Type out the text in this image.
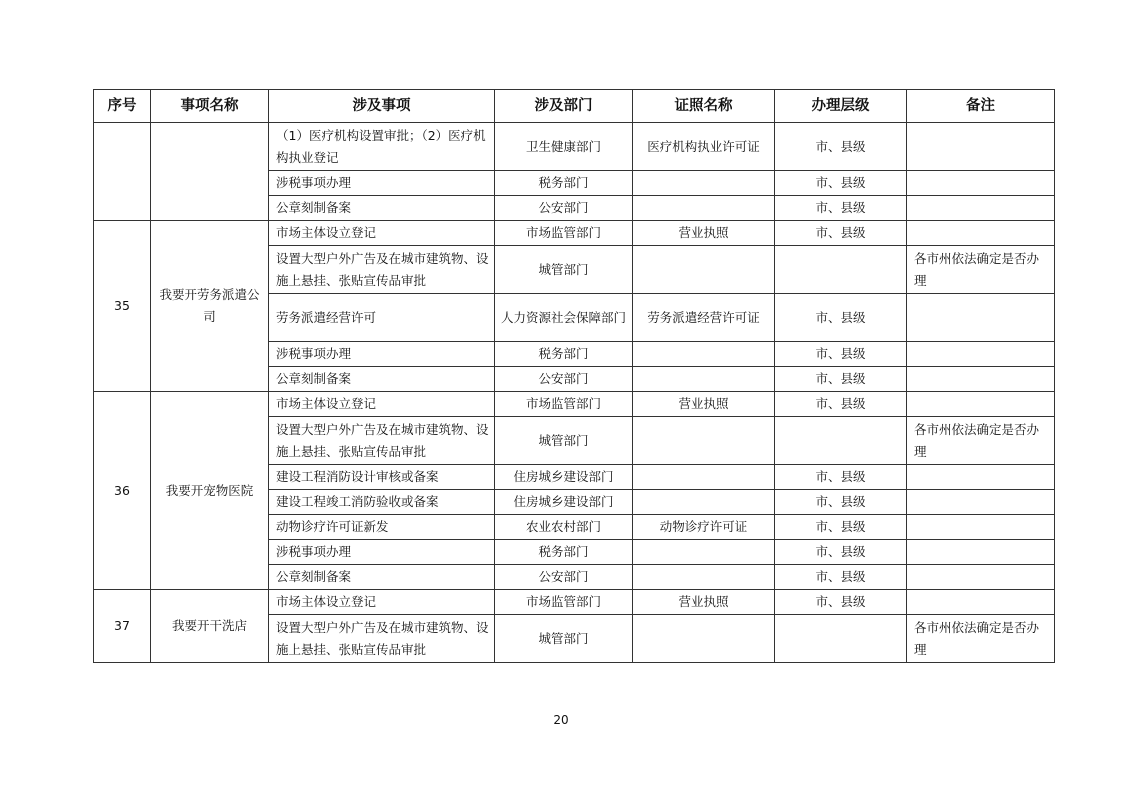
序号	事项名称	涉及事项	涉及部门	证照名称	办理层级	备注
		（1）医疗机构设置审批；（2）医疗机构执业登记	卫生健康部门	医疗机构执业许可证	市、县级	
		涉税事项办理	税务部门		市、县级	
		公章刻制备案	公安部门		市、县级	
35	我要开劳务派遣公司	市场主体设立登记	市场监管部门	营业执照	市、县级	
		设置大型户外广告及在城市建筑物、设施上悬挂、张贴宣传品审批	城管部门			各市州依法确定是否办理
		劳务派遣经营许可	人力资源社会保障部门	劳务派遣经营许可证	市、县级	
		涉税事项办理	税务部门		市、县级	
		公章刻制备案	公安部门		市、县级	
36	我要开宠物医院	市场主体设立登记	市场监管部门	营业执照	市、县级	
		设置大型户外广告及在城市建筑物、设施上悬挂、张贴宣传品审批	城管部门			各市州依法确定是否办理
		建设工程消防设计审核或备案	住房城乡建设部门		市、县级	
		建设工程竣工消防验收或备案	住房城乡建设部门		市、县级	
		动物诊疗许可证新发	农业农村部门	动物诊疗许可证	市、县级	
		涉税事项办理	税务部门		市、县级	
		公章刻制备案	公安部门		市、县级	
37	我要开干洗店	市场主体设立登记	市场监管部门	营业执照	市、县级	
		设置大型户外广告及在城市建筑物、设施上悬挂、张贴宣传品审批	城管部门			各市州依法确定是否办理
20
